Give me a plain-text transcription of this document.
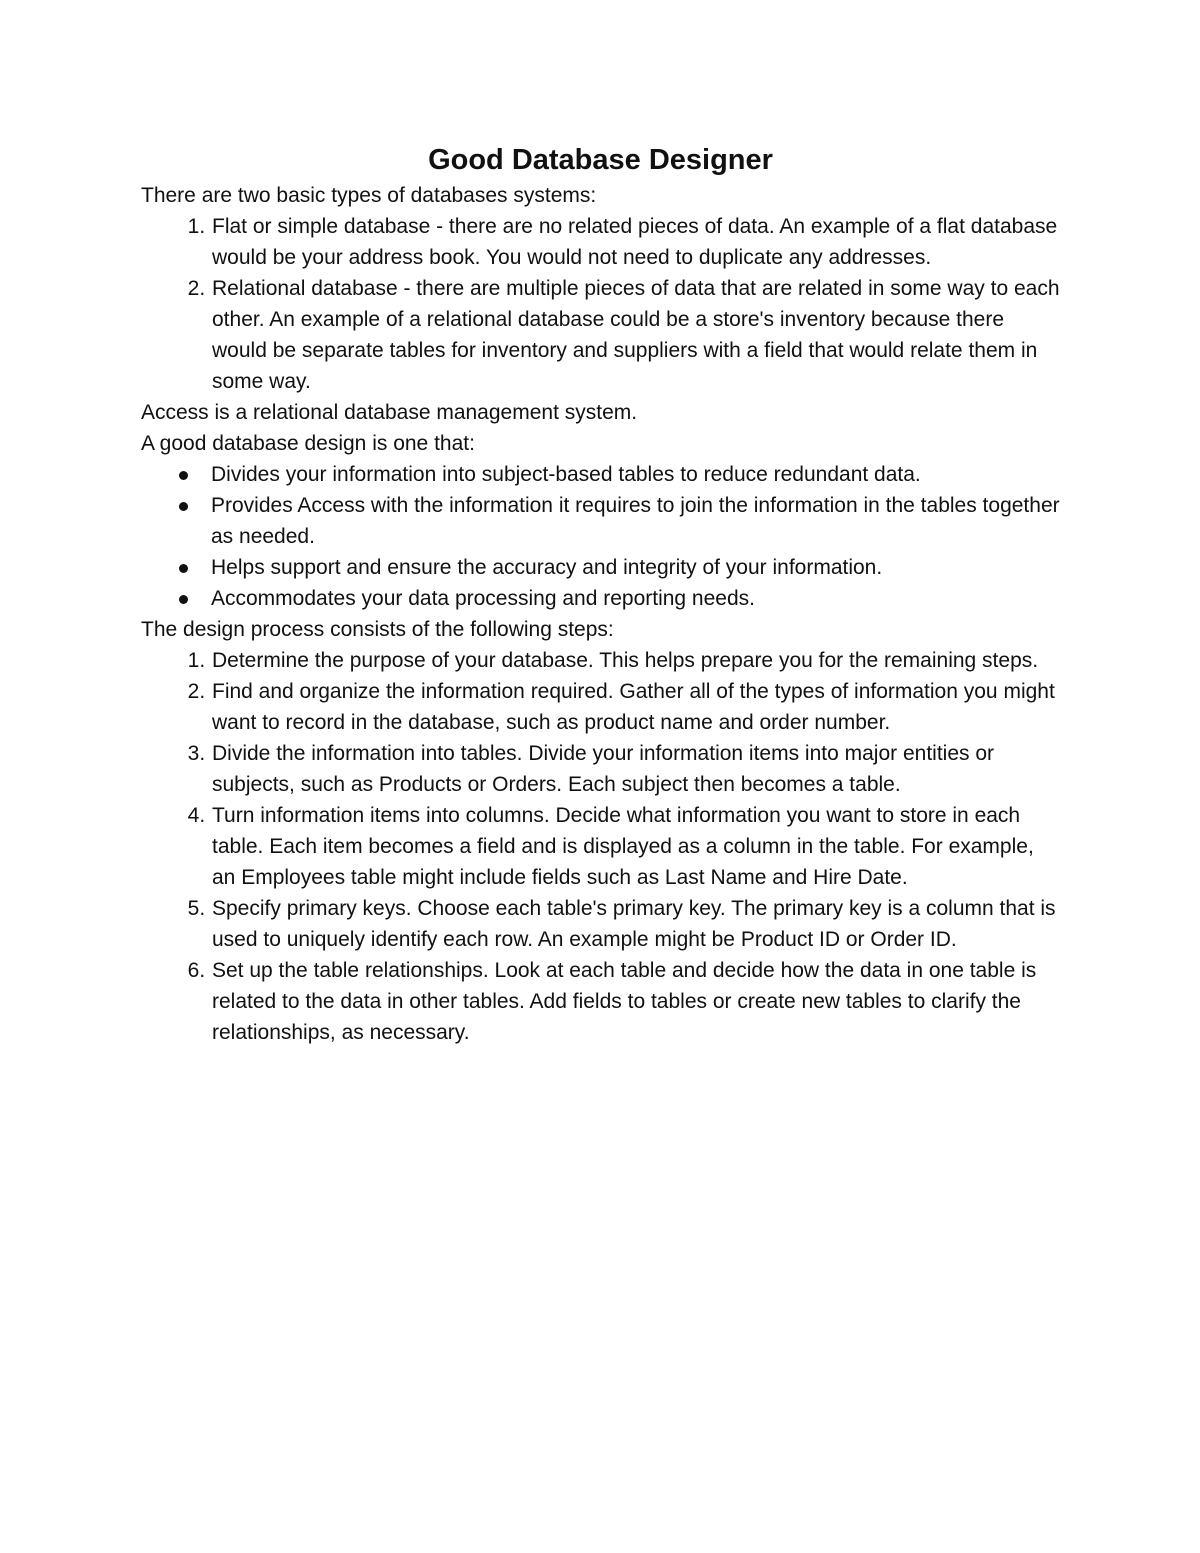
Good Database Designer

There are two basic types of databases systems:

1. Flat or simple database - there are no related pieces of data. An example of a flat database would be your address book. You would not need to duplicate any addresses.
2. Relational database - there are multiple pieces of data that are related in some way to each other. An example of a relational database could be a store's inventory because there would be separate tables for inventory and suppliers with a field that would relate them in some way.

Access is a relational database management system.

A good database design is one that:

Divides your information into subject-based tables to reduce redundant data.
Provides Access with the information it requires to join the information in the tables together as needed.
Helps support and ensure the accuracy and integrity of your information.
Accommodates your data processing and reporting needs.

The design process consists of the following steps:

1. Determine the purpose of your database. This helps prepare you for the remaining steps.
2. Find and organize the information required. Gather all of the types of information you might want to record in the database, such as product name and order number.
3. Divide the information into tables. Divide your information items into major entities or subjects, such as Products or Orders. Each subject then becomes a table.
4. Turn information items into columns. Decide what information you want to store in each table. Each item becomes a field and is displayed as a column in the table. For example, an Employees table might include fields such as Last Name and Hire Date.
5. Specify primary keys. Choose each table's primary key. The primary key is a column that is used to uniquely identify each row. An example might be Product ID or Order ID.
6. Set up the table relationships. Look at each table and decide how the data in one table is related to the data in other tables. Add fields to tables or create new tables to clarify the relationships, as necessary.
